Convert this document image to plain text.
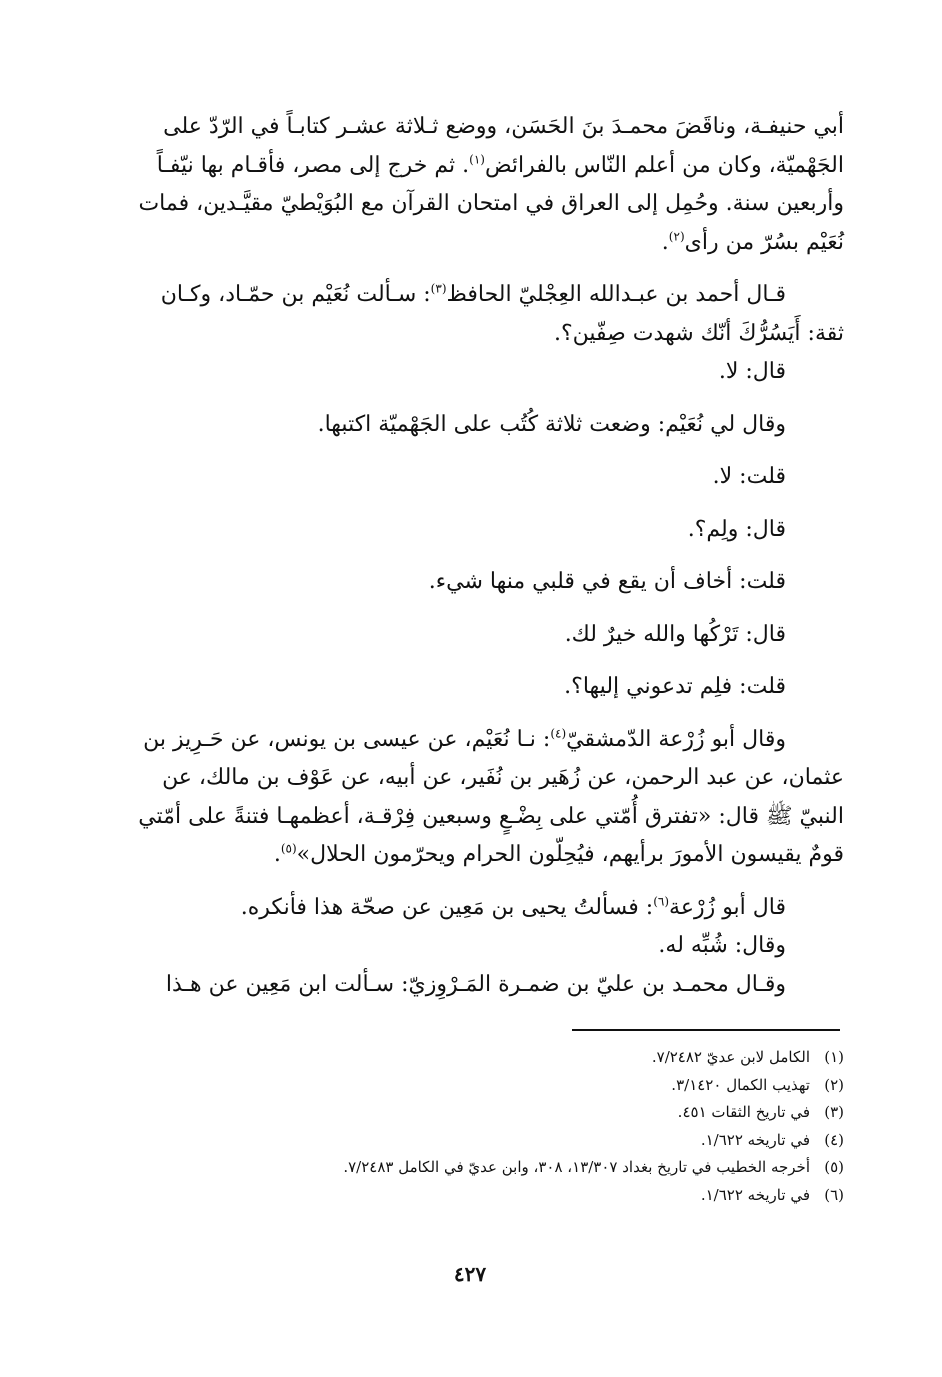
أبي حنيفـة، وناقَضَ محمـدَ بنَ الحَسَن، ووضع ثـلاثة عشـر كتابـاً في الرّدّ على
الجَهْميّة، وكان من أعلم النّاس بالفرائض$^{(١)}$. ثم خرج إلى مصر، فأقـام بها نيّفـاً
وأربعين سنة. وحُمِل إلى العراق في امتحان القرآن مع البُوَيْطيّ مقيَّـدين، فمات
نُعَيْم بسُرّ من رأى$^{(٢)}$.

قـال أحمد بن عبـدالله العِجْليّ الحافظ$^{(٣)}$: سـألت نُعَيْم بن حمّـاد، وكـان

ثقة: أَيَسُرُّكَ أنّك شهدت صِفّين؟.

قال: لا.

وقال لي نُعَيْم: وضعت ثلاثة كُتُب على الجَهْميّة اكتبها.

قلت: لا.

قال: ولِم؟.

قلت: أخاف أن يقع في قلبي منها شيء.

قال: تَرْكُها والله خيرٌ لك.

قلت: فلِم تدعوني إليها؟.

وقال أبو زُرْعة الدّمشقيّ$^{(٤)}$: نـا نُعَيْم، عن عيسى بن يونس، عن حَـرِيز بن

عثمان، عن عبد الرحمن، عن زُهَير بن نُفَير، عن أبيه، عن عَوْف بن مالك، عن
النبيّ ﷺ قال: «تفترق أُمّتي على بِضْـعٍ وسبعين فِرْقـة، أعظمهـا فتنةً على أمّتي
قومٌ يقيسون الأمورَ برأيهم، فيُحِلّون الحرام ويحرّمون الحلال»$^{(٥)}$.

قال أبو زُرْعة$^{(٦)}$: فسألتُ يحيى بن مَعِين عن صحّة هذا فأنكره.
وقال: شُبِّه له.
وقـال محمـد بن عليّ بن ضمـرة المَـرْوِزيّ: سـألت ابن مَعِين عن هـذا

(١)
الكامل لابن عديّ ٧/٢٤٨٢.
(٢)
تهذيب الكمال ٣/١٤٢٠.
(٣)
في تاريخ الثقات ٤٥١.
(٤)
في تاريخه ١/٦٢٢.
(٥)
أخرجه الخطيب في تاريخ بغداد ١٣/٣٠٧، ٣٠٨، وابن عديّ في الكامل ٧/٢٤٨٣.
(٦)
في تاريخه ١/٦٢٢.
٤٢٧
